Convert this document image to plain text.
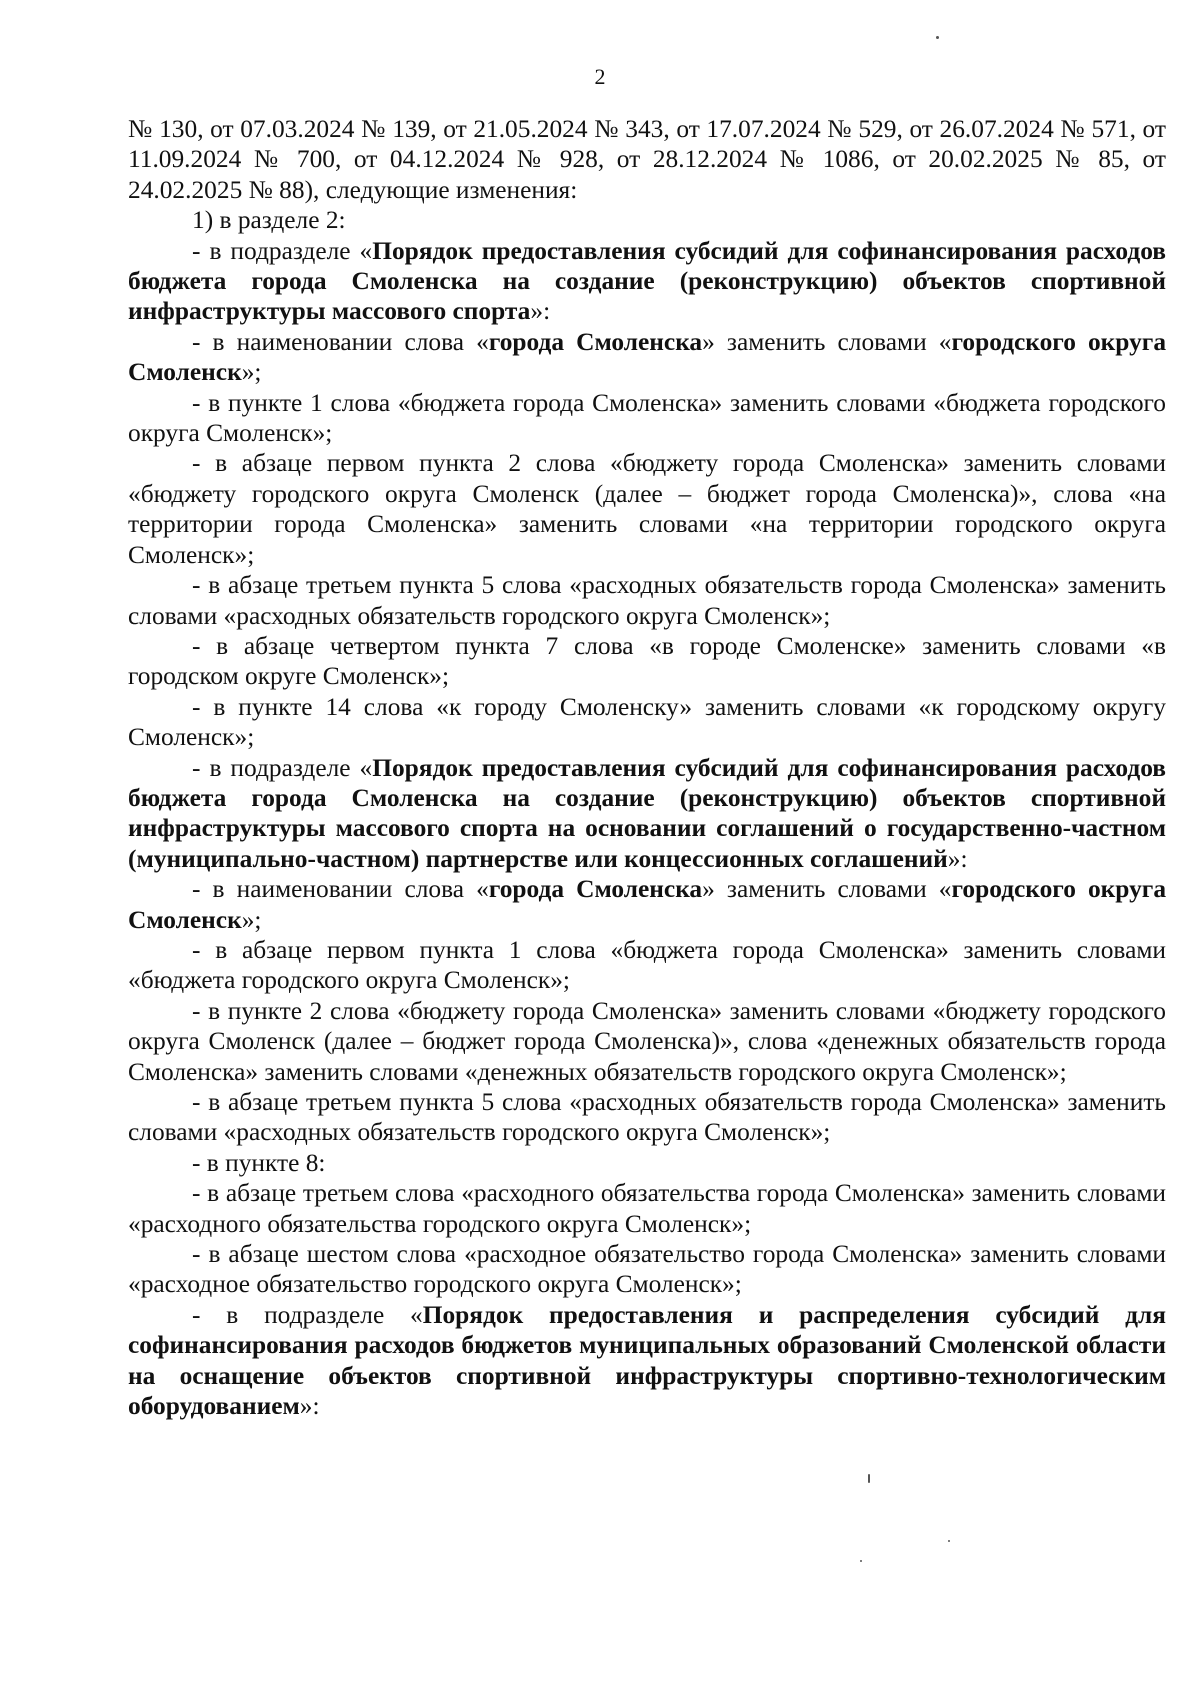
2

№ 130, от 07.03.2024 № 139, от 21.05.2024 № 343, от 17.07.2024 № 529, от 26.07.2024 № 571, от 11.09.2024 № 700, от 04.12.2024 № 928, от 28.12.2024 № 1086, от 20.02.2025 № 85, от 24.02.2025 № 88), следующие изменения:

1) в разделе 2:

- в подразделе «Порядок предоставления субсидий для софинансирования расходов бюджета города Смоленска на создание (реконструкцию) объектов спортивной инфраструктуры массового спорта»:

- в наименовании слова «города Смоленска» заменить словами «городского округа Смоленск»;

- в пункте 1 слова «бюджета города Смоленска» заменить словами «бюджета городского округа Смоленск»;

- в абзаце первом пункта 2 слова «бюджету города Смоленска» заменить словами «бюджету городского округа Смоленск (далее – бюджет города Смоленска)», слова «на территории города Смоленска» заменить словами «на территории городского округа Смоленск»;

- в абзаце третьем пункта 5 слова «расходных обязательств города Смоленска» заменить словами «расходных обязательств городского округа Смоленск»;

- в абзаце четвертом пункта 7 слова «в городе Смоленске» заменить словами «в городском округе Смоленск»;

- в пункте 14 слова «к городу Смоленску» заменить словами «к городскому округу Смоленск»;

- в подразделе «Порядок предоставления субсидий для софинансирования расходов бюджета города Смоленска на создание (реконструкцию) объектов спортивной инфраструктуры массового спорта на основании соглашений о государственно-частном (муниципально-частном) партнерстве или концессионных соглашений»:

- в наименовании слова «города Смоленска» заменить словами «городского округа Смоленск»;

- в абзаце первом пункта 1 слова «бюджета города Смоленска» заменить словами «бюджета городского округа Смоленск»;

- в пункте 2 слова «бюджету города Смоленска» заменить словами «бюджету городского округа Смоленск (далее – бюджет города Смоленска)», слова «денежных обязательств города Смоленска» заменить словами «денежных обязательств городского округа Смоленск»;

- в абзаце третьем пункта 5 слова «расходных обязательств города Смоленска» заменить словами «расходных обязательств городского округа Смоленск»;

- в пункте 8:

- в абзаце третьем слова «расходного обязательства города Смоленска» заменить словами «расходного обязательства городского округа Смоленск»;

- в абзаце шестом слова «расходное обязательство города Смоленска» заменить словами «расходное обязательство городского округа Смоленск»;

- в подразделе «Порядок предоставления и распределения субсидий для софинансирования расходов бюджетов муниципальных образований Смоленской области на оснащение объектов спортивной инфраструктуры спортивно-технологическим оборудованием»:
